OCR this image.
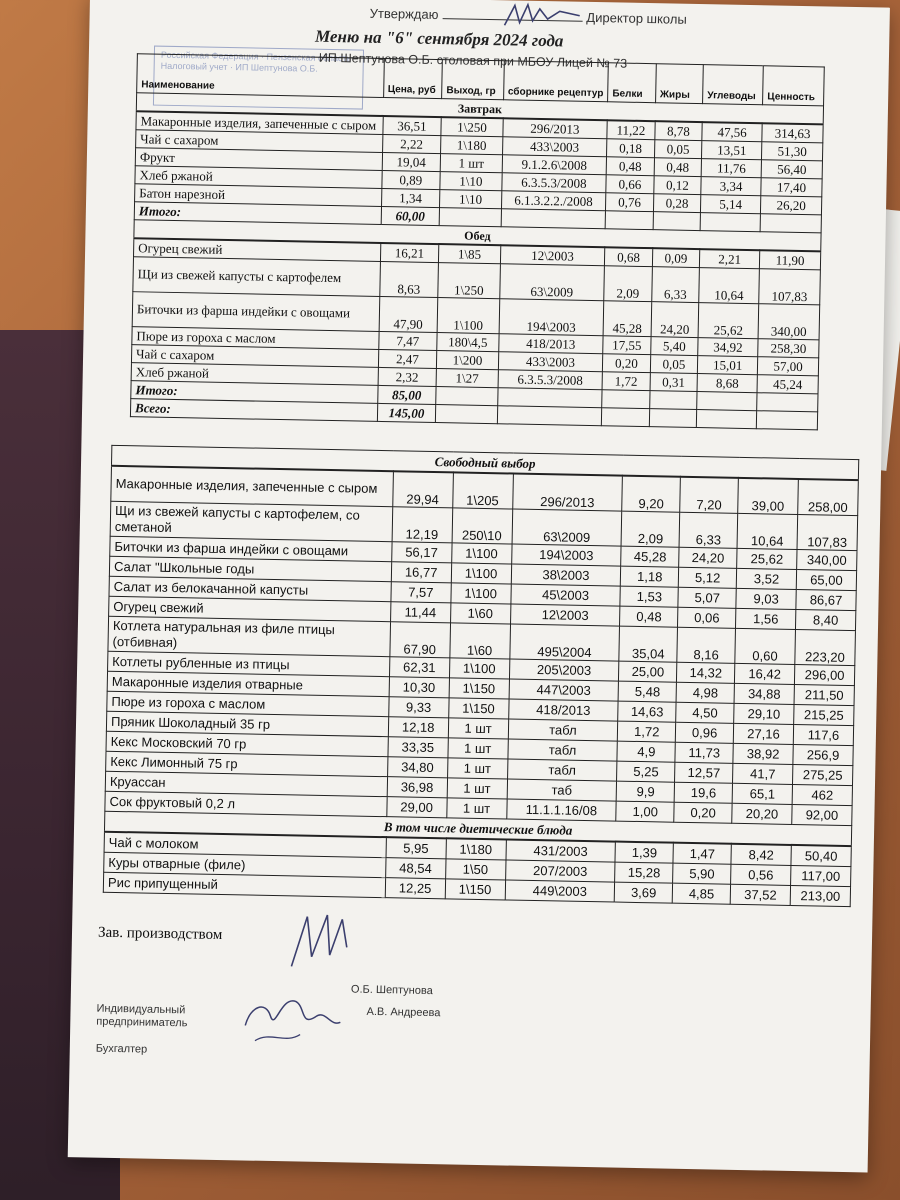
Утверждаю	Директор школы
Меню на "6" сентября 2024 года
Российская Федерация · Пензенская область · Налоговый учет · ИП Шептунова О.Б. ИП Шептунова О.Б. столовая при МБОУ Лицей № 73
Наименование	Цена, руб	Выход, гр	сборнике рецептур	Белки	Жиры	Углеводы	Ценность
Завтрак							
Макаронные изделия, запеченные с сыром	36,51	1\250	296/2013	11,22	8,78	47,56	314,63
Чай с сахаром	2,22	1\180	433\2003	0,18	0,05	13,51	51,30
Фрукт	19,04	1 шт	9.1.2.6\2008	0,48	0,48	11,76	56,40
Хлеб ржаной	0,89	1\10	6.3.5.3/2008	0,66	0,12	3,34	17,40
Батон нарезной	1,34	1\10	6.1.3.2.2./2008	0,76	0,28	5,14	26,20
Итого:	60,00						
Обед							
Огурец свежий	16,21	1\85	12\2003	0,68	0,09	2,21	11,90
Щи из свежей капусты с картофелем	8,63	1\250	63\2009	2,09	6,33	10,64	107,83
Биточки из фарша индейки с овощами	47,90	1\100	194\2003	45,28	24,20	25,62	340,00
Пюре из гороха с маслом	7,47	180\4,5	418/2013	17,55	5,40	34,92	258,30
Чай с сахаром	2,47	1\200	433\2003	0,20	0,05	15,01	57,00
Хлеб ржаной	2,32	1\27	6.3.5.3/2008	1,72	0,31	8,68	45,24
Итого:	85,00						
Всего:	145,00						
Свободный выбор							
Макаронные изделия, запеченные с сыром	29,94	1\205	296/2013	9,20	7,20	39,00	258,00
Щи из свежей капусты с картофелем, со сметаной	12,19	250\10	63\2009	2,09	6,33	10,64	107,83
Биточки из фарша индейки с овощами	56,17	1\100	194\2003	45,28	24,20	25,62	340,00
Салат "Школьные годы	16,77	1\100	38\2003	1,18	5,12	3,52	65,00
Салат из белокачанной капусты	7,57	1\100	45\2003	1,53	5,07	9,03	86,67
Огурец свежий	11,44	1\60	12\2003	0,48	0,06	1,56	8,40
Котлета натуральная из филе птицы (отбивная)	67,90	1\60	495\2004	35,04	8,16	0,60	223,20
Котлеты рубленные из птицы	62,31	1\100	205\2003	25,00	14,32	16,42	296,00
Макаронные изделия отварные	10,30	1\150	447\2003	5,48	4,98	34,88	211,50
Пюре из гороха с маслом	9,33	1\150	418/2013	14,63	4,50	29,10	215,25
Пряник Шоколадный 35 гр	12,18	1 шт	табл	1,72	0,96	27,16	117,6
Кекс Московский 70 гр	33,35	1 шт	табл	4,9	11,73	38,92	256,9
Кекс Лимонный 75 гр	34,80	1 шт	табл	5,25	12,57	41,7	275,25
Круассан	36,98	1 шт	таб	9,9	19,6	65,1	462
Сок фруктовый 0,2 л	29,00	1 шт	11.1.1.16/08	1,00	0,20	20,20	92,00
В том числе диетические блюда							
Чай с молоком	5,95	1\180	431/2003	1,39	1,47	8,42	50,40
Куры отварные (филе)	48,54	1\50	207/2003	15,28	5,90	0,56	117,00
Рис припущенный	12,25	1\150	449\2003	3,69	4,85	37,52	213,00
Зав. производством
Индивидуальный предприниматель
Бухгалтер
О.Б. Шептунова
А.В. Андреева
